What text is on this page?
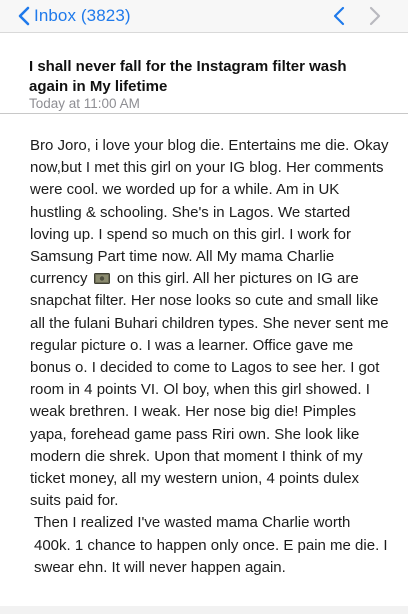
Inbox (3823)
I shall never fall for the Instagram filter wash again in My lifetime
Today at 11:00 AM

Bro Joro, i love your blog die. Entertains me die. Okay now,but I met this girl on your IG blog. Her comments were cool. we worded up for a while. Am in UK hustling & schooling. She's in Lagos. We started loving up. I spend so much on this girl. I work for Samsung Part time now. All My mama Charlie currency on this girl. All her pictures on IG are snapchat filter. Her nose looks so cute and small like all the fulani Buhari children types. She never sent me regular picture o. I was a learner. Office gave me bonus o. I decided to come to Lagos to see her. I got room in 4 points VI. Ol boy, when this girl showed. I weak brethren. I weak. Her nose big die! Pimples yapa, forehead game pass Riri own. She look like modern die shrek. Upon that moment I think of my ticket money, all my western union, 4 points dulex suits paid for.

Then I realized I've wasted mama Charlie worth 400k. 1 chance to happen only once. E pain me die. I swear ehn. It will never happen again.
